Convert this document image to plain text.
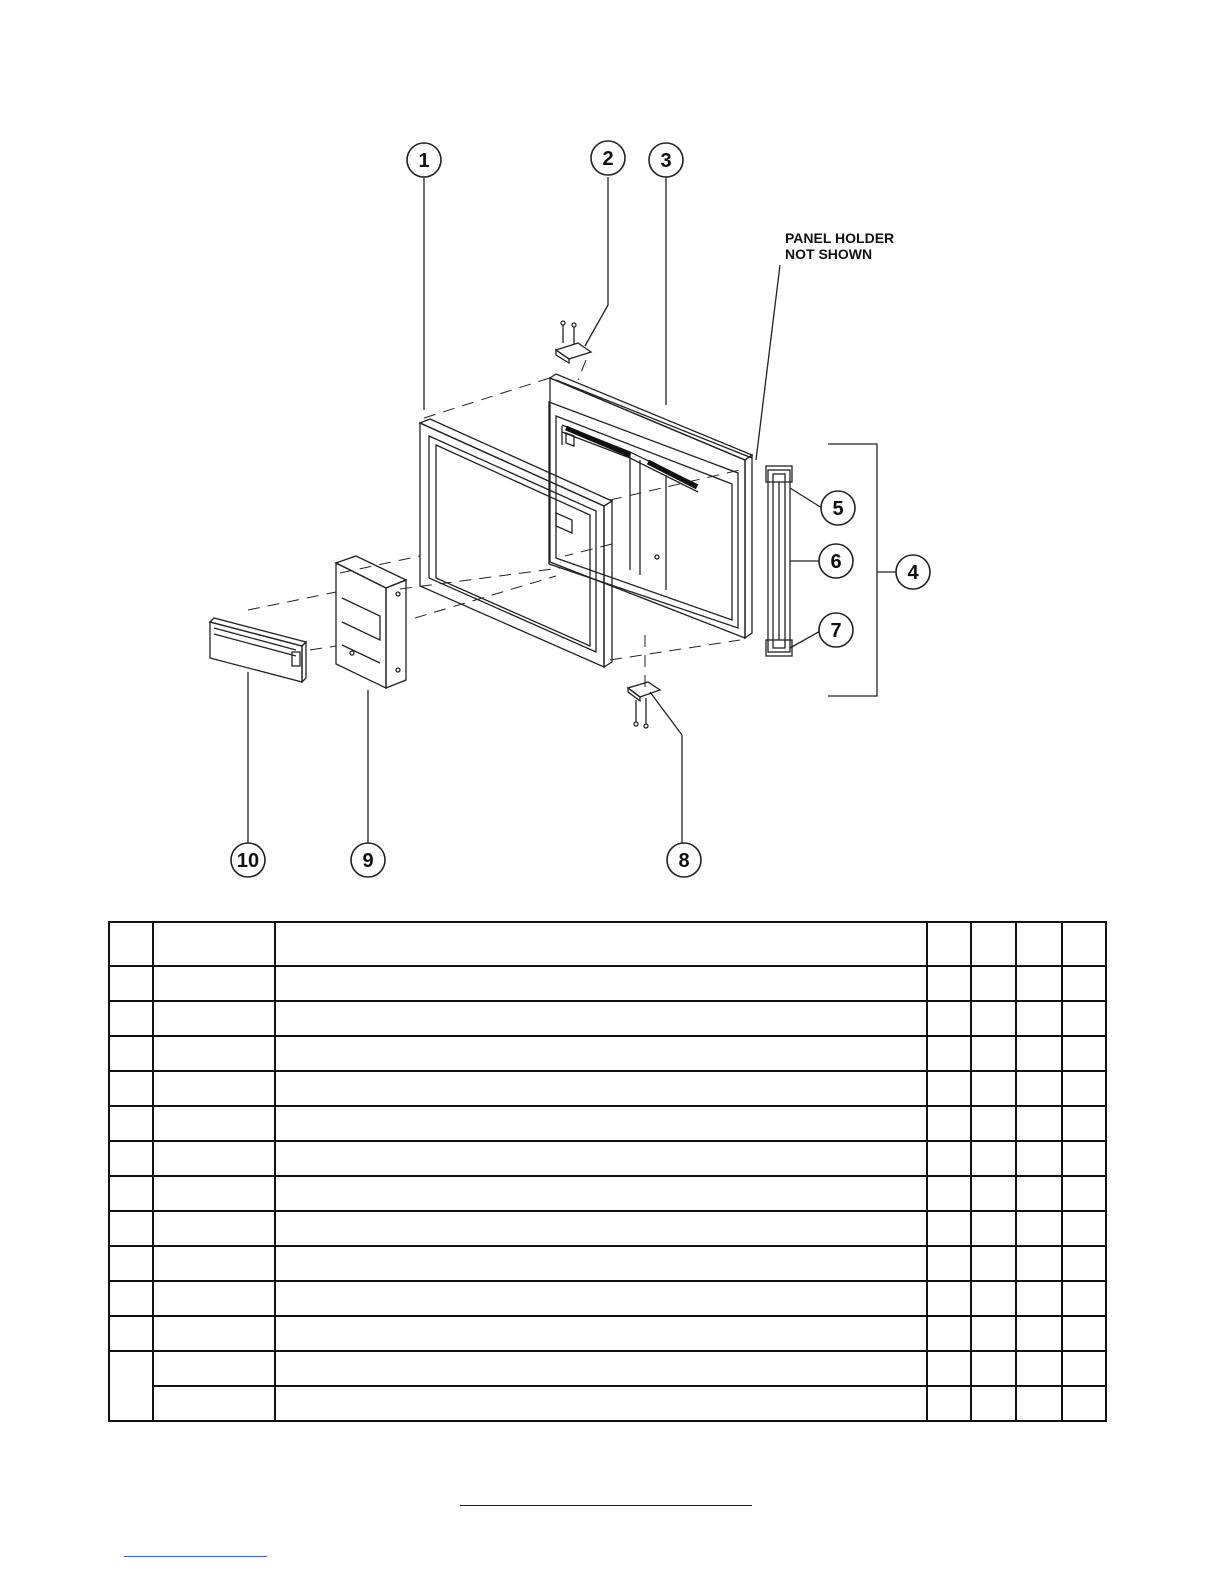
1	2 3
4
5
6
7
8
9
10
PANEL HOLDER
NOT SHOWN
